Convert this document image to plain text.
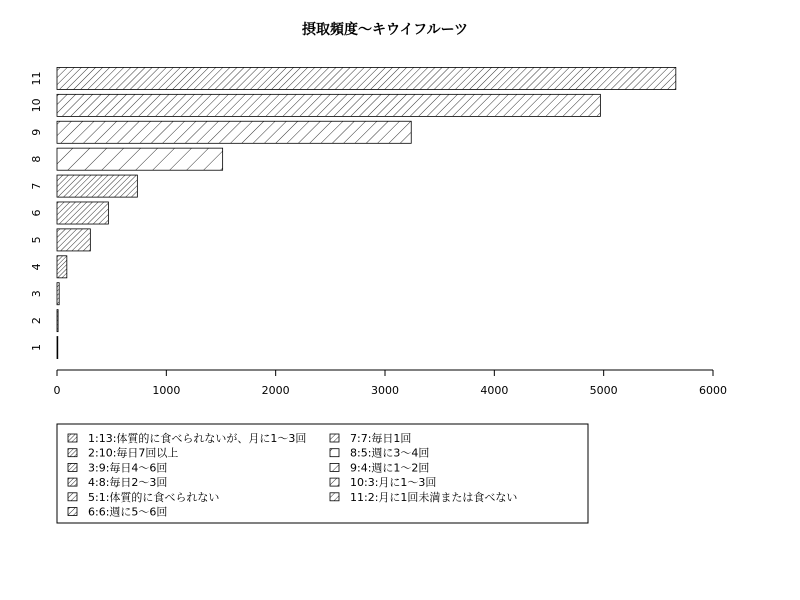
摂取頻度〜キウイフルーツ
1
2
3
4
5
6
7
8
9
10
11
0	1000	2000	3000	4000	5000	6000
1:13:体質的に食べられないが、月に1〜3回
2:10:毎日7回以上
3:9:毎日4〜6回
4:8:毎日2〜3回
5:1:体質的に食べられない
6:6:週に5〜6回
7:7:毎日1回
8:5:週に3〜4回
9:4:週に1〜2回
10:3:月に1〜3回
11:2:月に1回未満または食べない
